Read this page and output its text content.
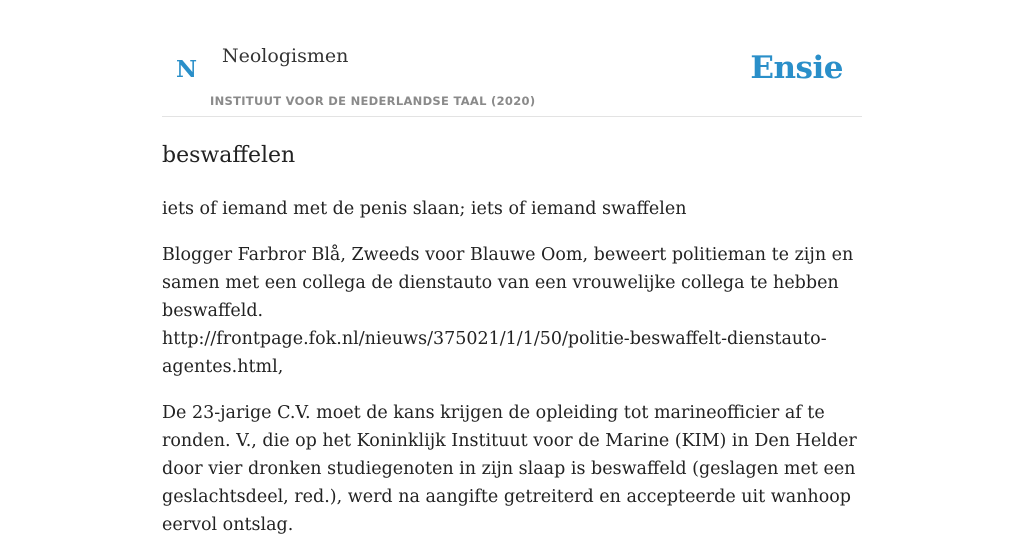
N Neologismen
INSTITUUT VOOR DE NEDERLANDSE TAAL (2020)
Ensie
beswaffelen

iets of iemand met de penis slaan; iets of iemand swaffelen

Blogger Farbror Blå, Zweeds voor Blauwe Oom, beweert politieman te zijn en samen met een collega de dienstauto van een vrouwelijke collega te hebben beswaffeld.
http://frontpage.fok.nl/nieuws/375021/1/1/50/politie-beswaffelt-dienstauto-agentes.html,

De 23-jarige C.V. moet de kans krijgen de opleiding tot marineofficier af te ronden. V., die op het Koninklijk Instituut voor de Marine (KIM) in Den Helder door vier dronken studiegenoten in zijn slaap is beswaffeld (geslagen met een geslachtsdeel, red.), werd na aangifte getreiterd en accepteerde uit wanhoop eervol ontslag.
